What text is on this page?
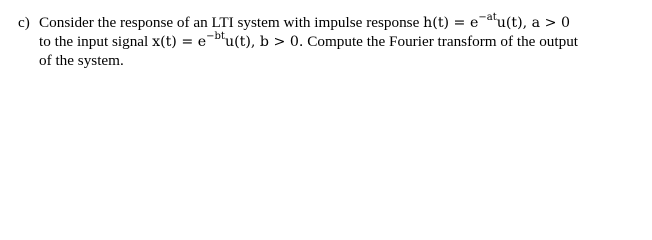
c) Consider the response of an LTI system with impulse response $h(t) = e^{-at}u(t)$, a > 0
to the input signal $x(t) = e^{-bt}u(t)$, b > 0. Compute the Fourier transform of the output
of the system.
